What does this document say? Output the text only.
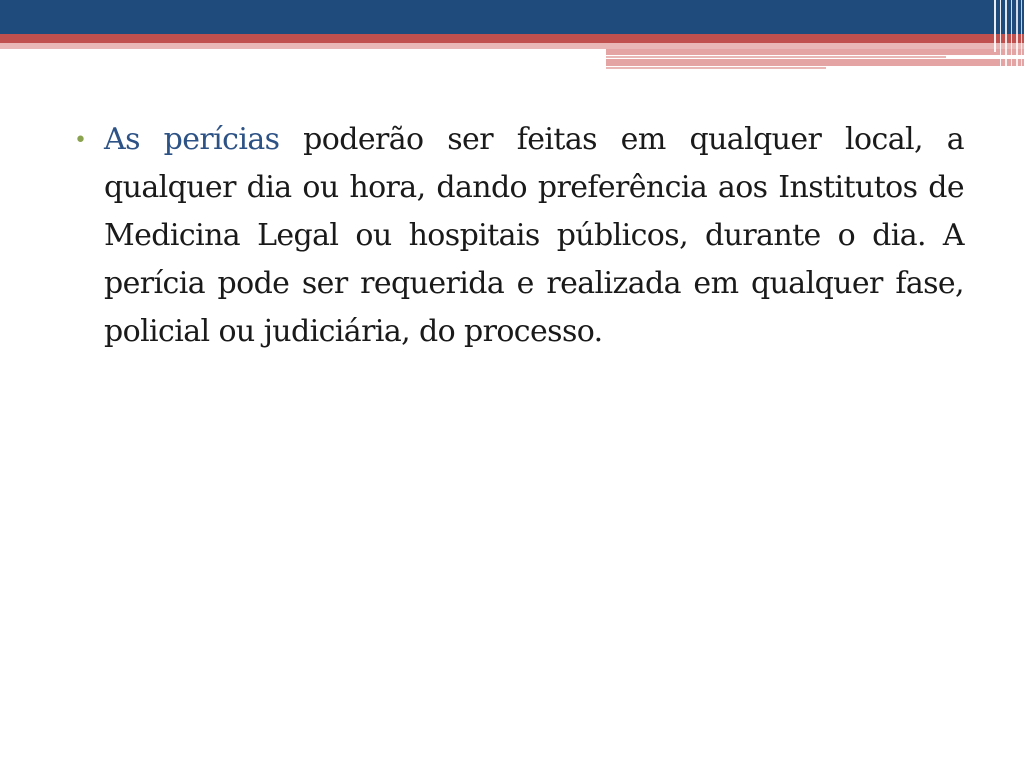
• As perícias poderão ser feitas em qualquer local, a qualquer dia ou hora, dando preferência aos Institutos de Medicina Legal ou hospitais públicos, durante o dia. A perícia pode ser requerida e realizada em qualquer fase, policial ou judiciária, do processo.
